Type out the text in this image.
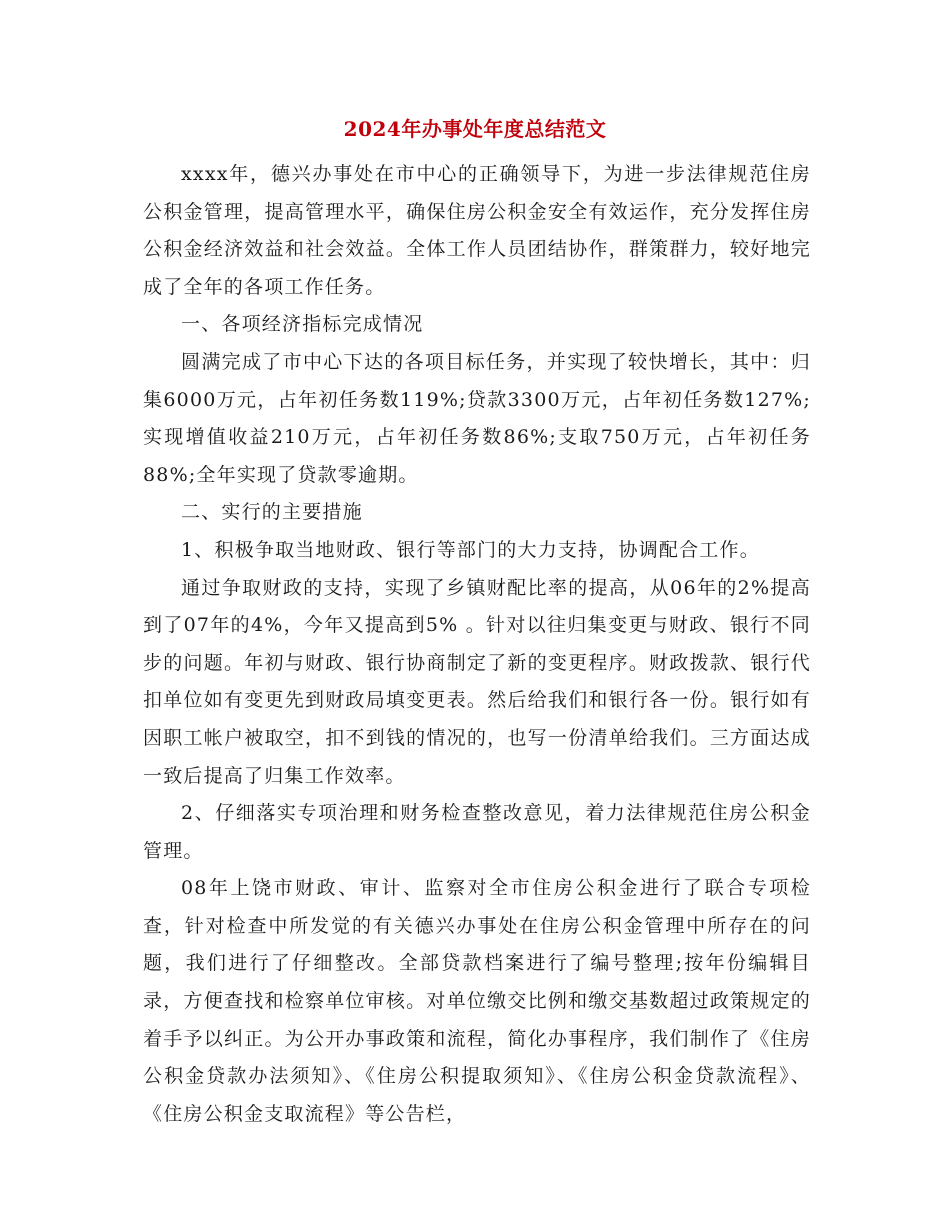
2024年办事处年度总结范文

xxxx年，德兴办事处在市中心的正确领导下，为进一步法律规范住房公积金管理，提高管理水平，确保住房公积金安全有效运作，充分发挥住房公积金经济效益和社会效益。全体工作人员团结协作，群策群力，较好地完成了全年的各项工作任务。

一、各项经济指标完成情况

圆满完成了市中心下达的各项目标任务，并实现了较快增长，其中：归集6000万元，占年初任务数119%;贷款3300万元，占年初任务数127%;实现增值收益210万元，占年初任务数86%;支取750万元，占年初任务88%;全年实现了贷款零逾期。

二、实行的主要措施

1、积极争取当地财政、银行等部门的大力支持，协调配合工作。

通过争取财政的支持，实现了乡镇财配比率的提高，从06年的2%提高到了07年的4%，今年又提高到5% 。针对以往归集变更与财政、银行不同步的问题。年初与财政、银行协商制定了新的变更程序。财政拨款、银行代扣单位如有变更先到财政局填变更表。然后给我们和银行各一份。银行如有因职工帐户被取空，扣不到钱的情况的，也写一份清单给我们。三方面达成一致后提高了归集工作效率。

2、仔细落实专项治理和财务检查整改意见，着力法律规范住房公积金管理。

08年上饶市财政、审计、监察对全市住房公积金进行了联合专项检查，针对检查中所发觉的有关德兴办事处在住房公积金管理中所存在的问题，我们进行了仔细整改。全部贷款档案进行了编号整理;按年份编辑目录，方便查找和检察单位审核。对单位缴交比例和缴交基数超过政策规定的着手予以纠正。为公开办事政策和流程，简化办事程序，我们制作了《住房公积金贷款办法须知》、《住房公积提取须知》、《住房公积金贷款流程》、《住房公积金支取流程》等公告栏，
